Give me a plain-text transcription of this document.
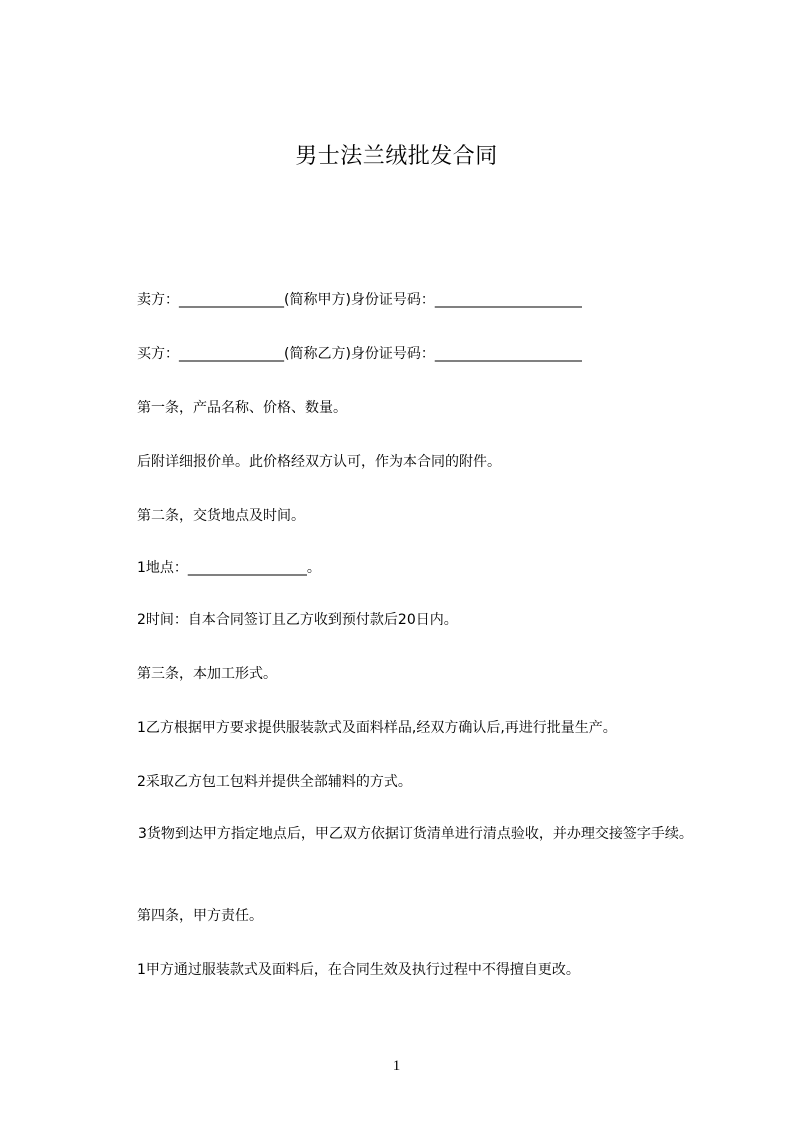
男士法兰绒批发合同
卖方：_______________(简称甲方)身份证号码：_____________________
买方：_______________(简称乙方)身份证号码：_____________________
第一条，产品名称、价格、数量。
后附详细报价单。此价格经双方认可，作为本合同的附件。
第二条，交货地点及时间。
1地点：_________________。
2时间：自本合同签订且乙方收到预付款后20日内。
第三条，本加工形式。
1乙方根据甲方要求提供服装款式及面料样品,经双方确认后,再进行批量生产。
2采取乙方包工包料并提供全部辅料的方式。
3货物到达甲方指定地点后，甲乙双方依据订货清单进行清点验收，并办理交接签字手续。
第四条，甲方责任。
1甲方通过服装款式及面料后，在合同生效及执行过程中不得擅自更改。
1
